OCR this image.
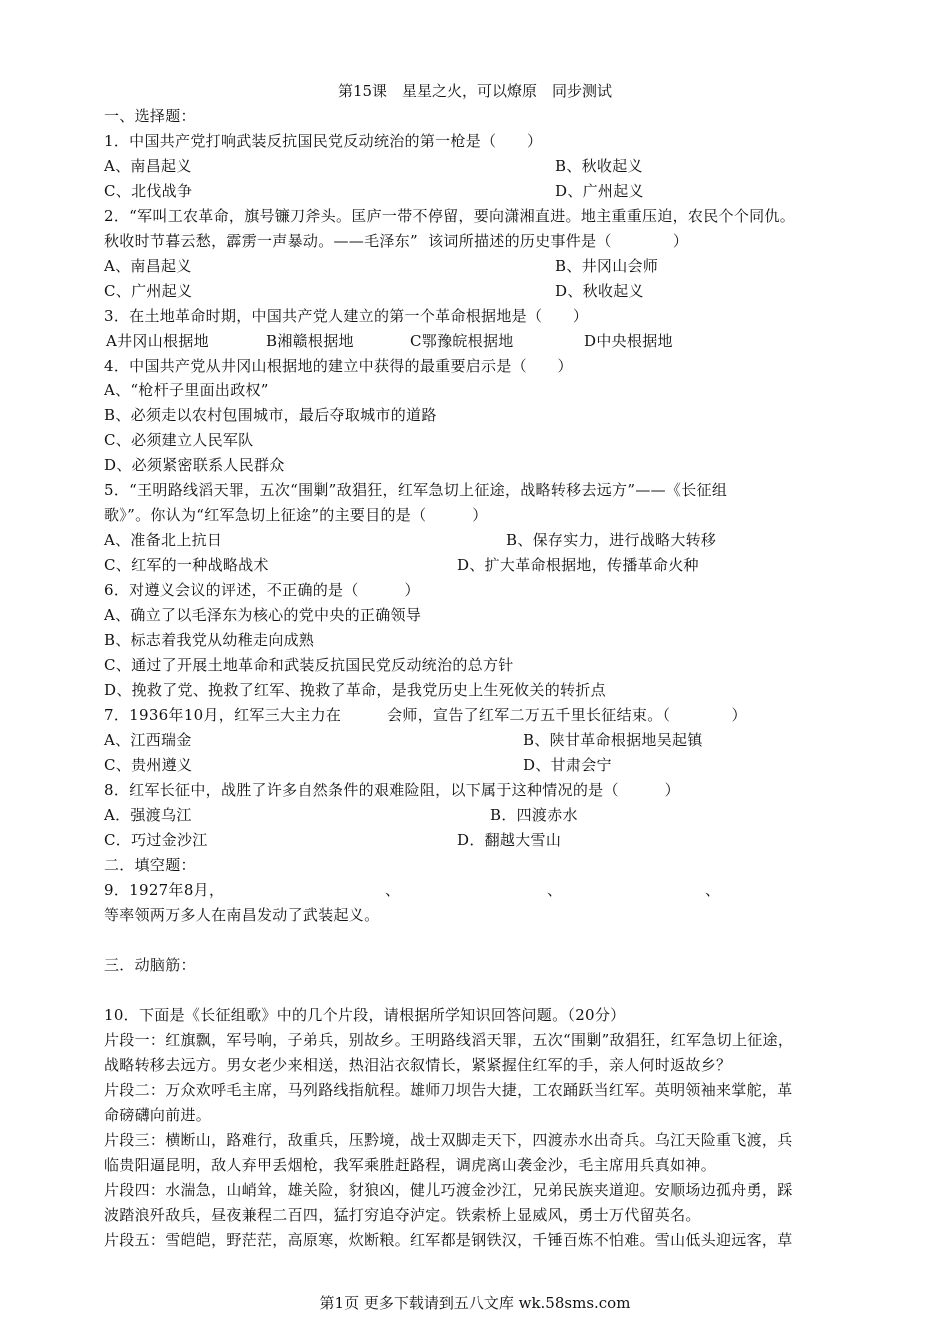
第15课　星星之火，可以燎原　同步测试
一、选择题：
1．中国共产党打响武装反抗国民党反动统治的第一枪是（　　）
A、南昌起义	B、秋收起义
C、北伐战争	D、广州起义
2．“军叫工农革命，旗号镰刀斧头。匡庐一带不停留，要向潇湘直进。地主重重压迫，农民个个同仇。
秋收时节暮云愁，霹雳一声暴动。——毛泽东”  该词所描述的历史事件是（　　　　）
A、南昌起义	B、井冈山会师
C、广州起义	D、秋收起义
3．在土地革命时期，中国共产党人建立的第一个革命根据地是（　　）
A井冈山根据地	B湘赣根据地	C鄂豫皖根据地	D中央根据地
4．中国共产党从井冈山根据地的建立中获得的最重要启示是（　　）
A、“枪杆子里面出政权”
B、必须走以农村包围城市，最后夺取城市的道路
C、必须建立人民军队
D、必须紧密联系人民群众
5．“王明路线滔天罪，五次“围剿”敌猖狂，红军急切上征途，战略转移去远方”——《长征组
歌》”。你认为“红军急切上征途”的主要目的是（　　　）
A、准备北上抗日	B、保存实力，进行战略大转移
C、红军的一种战略战术	D、扩大革命根据地，传播革命火种
6．对遵义会议的评述，不正确的是（　　　）
A、确立了以毛泽东为核心的党中央的正确领导
B、标志着我党从幼稚走向成熟
C、通过了开展土地革命和武装反抗国民党反动统治的总方针
D、挽救了党、挽救了红军、挽救了革命，是我党历史上生死攸关的转折点
7．1936年10月，红军三大主力在　　　会师，宣告了红军二万五千里长征结束。（　　　　）
A、江西瑞金	B、陕甘革命根据地吴起镇
C、贵州遵义	D、甘肃会宁
8．红军长征中，战胜了许多自然条件的艰难险阻，以下属于这种情况的是（　　　）
A．强渡乌江	B．四渡赤水
C．巧过金沙江	D．翻越大雪山
二．填空题：
9．1927年8月，	、	、	、
等率领两万多人在南昌发动了武装起义。
三．动脑筋：
10．下面是《长征组歌》中的几个片段，请根据所学知识回答问题。（20分）
片段一：红旗飘，军号响，子弟兵，别故乡。王明路线滔天罪，五次“围剿”敌猖狂，红军急切上征途，
战略转移去远方。男女老少来相送，热泪沾衣叙情长，紧紧握住红军的手，亲人何时返故乡？
片段二：万众欢呼毛主席，马列路线指航程。雄师刀坝告大捷，工农踊跃当红军。英明领袖来掌舵，革
命磅礴向前进。
片段三：横断山，路难行，敌重兵，压黔境，战士双脚走天下，四渡赤水出奇兵。乌江天险重飞渡，兵
临贵阳逼昆明，敌人弃甲丢烟枪，我军乘胜赶路程，调虎离山袭金沙，毛主席用兵真如神。
片段四：水湍急，山峭耸，雄关险，豺狼凶，健儿巧渡金沙江，兄弟民族夹道迎。安顺场边孤舟勇，踩
波踏浪歼敌兵，昼夜兼程二百四，猛打穷追夺泸定。铁索桥上显威风，勇士万代留英名。
片段五：雪皑皑，野茫茫，高原寒，炊断粮。红军都是钢铁汉，千锤百炼不怕难。雪山低头迎远客，草
第1页 更多下载请到五八文库 wk.58sms.com
